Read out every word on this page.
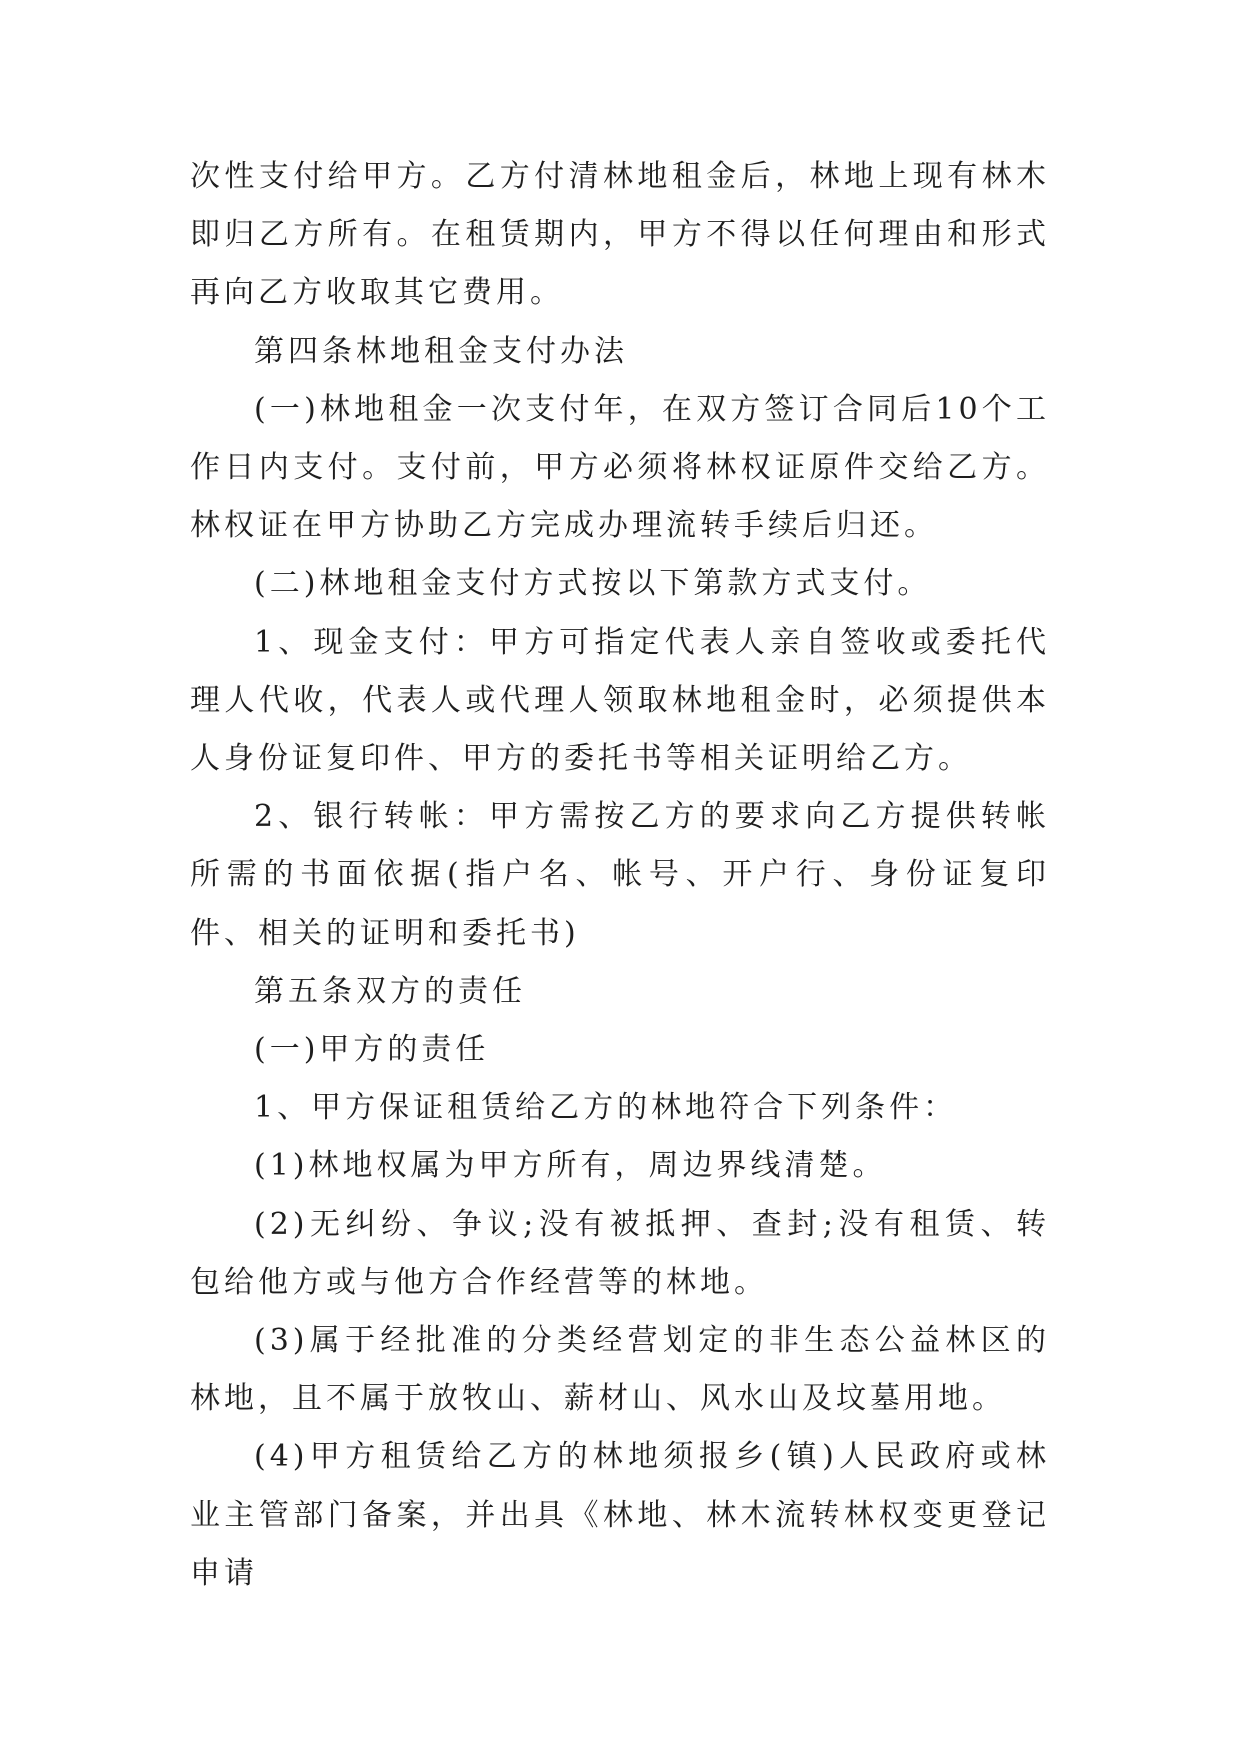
次性支付给甲方。乙方付清林地租金后，林地上现有林木即归乙方所有。在租赁期内，甲方不得以任何理由和形式再向乙方收取其它费用。

第四条林地租金支付办法

(一)林地租金一次支付年，在双方签订合同后10个工作日内支付。支付前，甲方必须将林权证原件交给乙方。林权证在甲方协助乙方完成办理流转手续后归还。

(二)林地租金支付方式按以下第款方式支付。

1、现金支付：甲方可指定代表人亲自签收或委托代理人代收，代表人或代理人领取林地租金时，必须提供本人身份证复印件、甲方的委托书等相关证明给乙方。

2、银行转帐：甲方需按乙方的要求向乙方提供转帐所需的书面依据(指户名、帐号、开户行、身份证复印件、相关的证明和委托书)

第五条双方的责任

(一)甲方的责任

1、甲方保证租赁给乙方的林地符合下列条件：

(1)林地权属为甲方所有，周边界线清楚。

(2)无纠纷、争议;没有被抵押、查封;没有租赁、转包给他方或与他方合作经营等的林地。

(3)属于经批准的分类经营划定的非生态公益林区的林地，且不属于放牧山、薪材山、风水山及坟墓用地。

(4)甲方租赁给乙方的林地须报乡(镇)人民政府或林业主管部门备案，并出具《林地、林木流转林权变更登记申请
